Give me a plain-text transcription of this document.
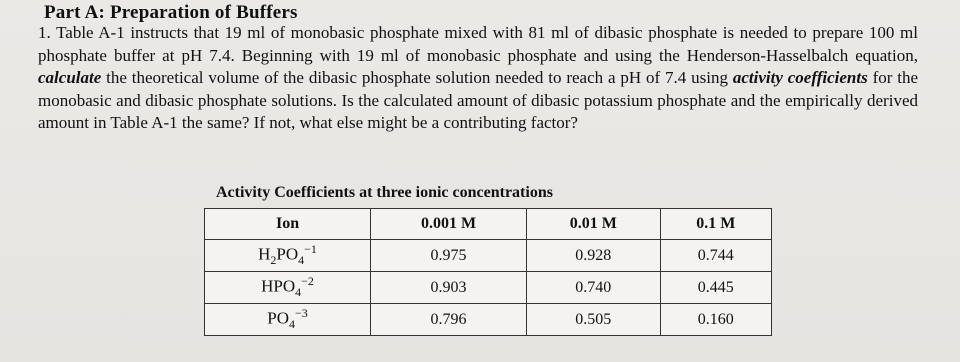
Part A: Preparation of Buffers
1. Table A-1 instructs that 19 ml of monobasic phosphate mixed with 81 ml of dibasic phosphate is needed to prepare 100 ml phosphate buffer at pH 7.4. Beginning with 19 ml of monobasic phosphate and using the Henderson-Hasselbalch equation, calculate the theoretical volume of the dibasic phosphate solution needed to reach a pH of 7.4 using activity coefficients for the monobasic and dibasic phosphate solutions. Is the calculated amount of dibasic potassium phosphate and the empirically derived amount in Table A-1 the same? If not, what else might be a contributing factor?
Activity Coefficients at three ionic concentrations
Ion	0.001 M	0.01 M	0.1 M
$H_2PO_4^{-1}$	0.975	0.928	0.744
$HPO_4^{-2}$	0.903	0.740	0.445
$PO_4^{-3}$	0.796	0.505	0.160
